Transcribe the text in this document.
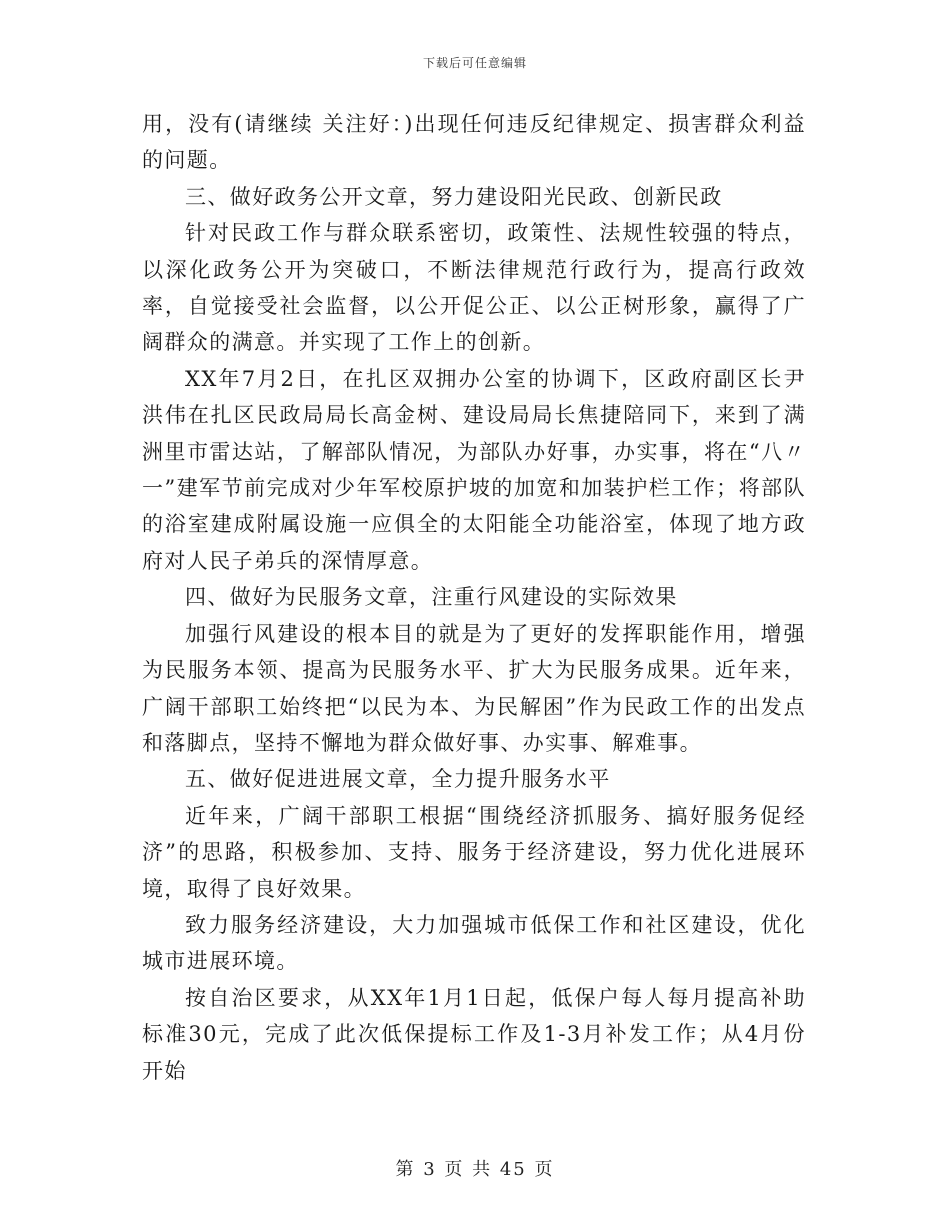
下载后可任意编辑

用，没有(请继续 关注好：)出现任何违反纪律规定、损害群众利益的问题。

三、做好政务公开文章，努力建设阳光民政、创新民政

针对民政工作与群众联系密切，政策性、法规性较强的特点，以深化政务公开为突破口，不断法律规范行政行为，提高行政效率，自觉接受社会监督，以公开促公正、以公正树形象，赢得了广阔群众的满意。并实现了工作上的创新。

XX年7月2日，在扎区双拥办公室的协调下，区政府副区长尹洪伟在扎区民政局局长高金树、建设局局长焦捷陪同下，来到了满洲里市雷达站，了解部队情况，为部队办好事，办实事，将在“八〃一”建军节前完成对少年军校原护坡的加宽和加装护栏工作；将部队的浴室建成附属设施一应俱全的太阳能全功能浴室，体现了地方政府对人民子弟兵的深情厚意。

四、做好为民服务文章，注重行风建设的实际效果

加强行风建设的根本目的就是为了更好的发挥职能作用，增强为民服务本领、提高为民服务水平、扩大为民服务成果。近年来，广阔干部职工始终把“以民为本、为民解困”作为民政工作的出发点和落脚点，坚持不懈地为群众做好事、办实事、解难事。

五、做好促进进展文章，全力提升服务水平

近年来，广阔干部职工根据“围绕经济抓服务、搞好服务促经济”的思路，积极参加、支持、服务于经济建设，努力优化进展环境，取得了良好效果。

致力服务经济建设，大力加强城市低保工作和社区建设，优化城市进展环境。

按自治区要求，从XX年1月1日起，低保户每人每月提高补助标准30元，完成了此次低保提标工作及1-3月补发工作；从4月份开始

第 3 页 共 45 页
